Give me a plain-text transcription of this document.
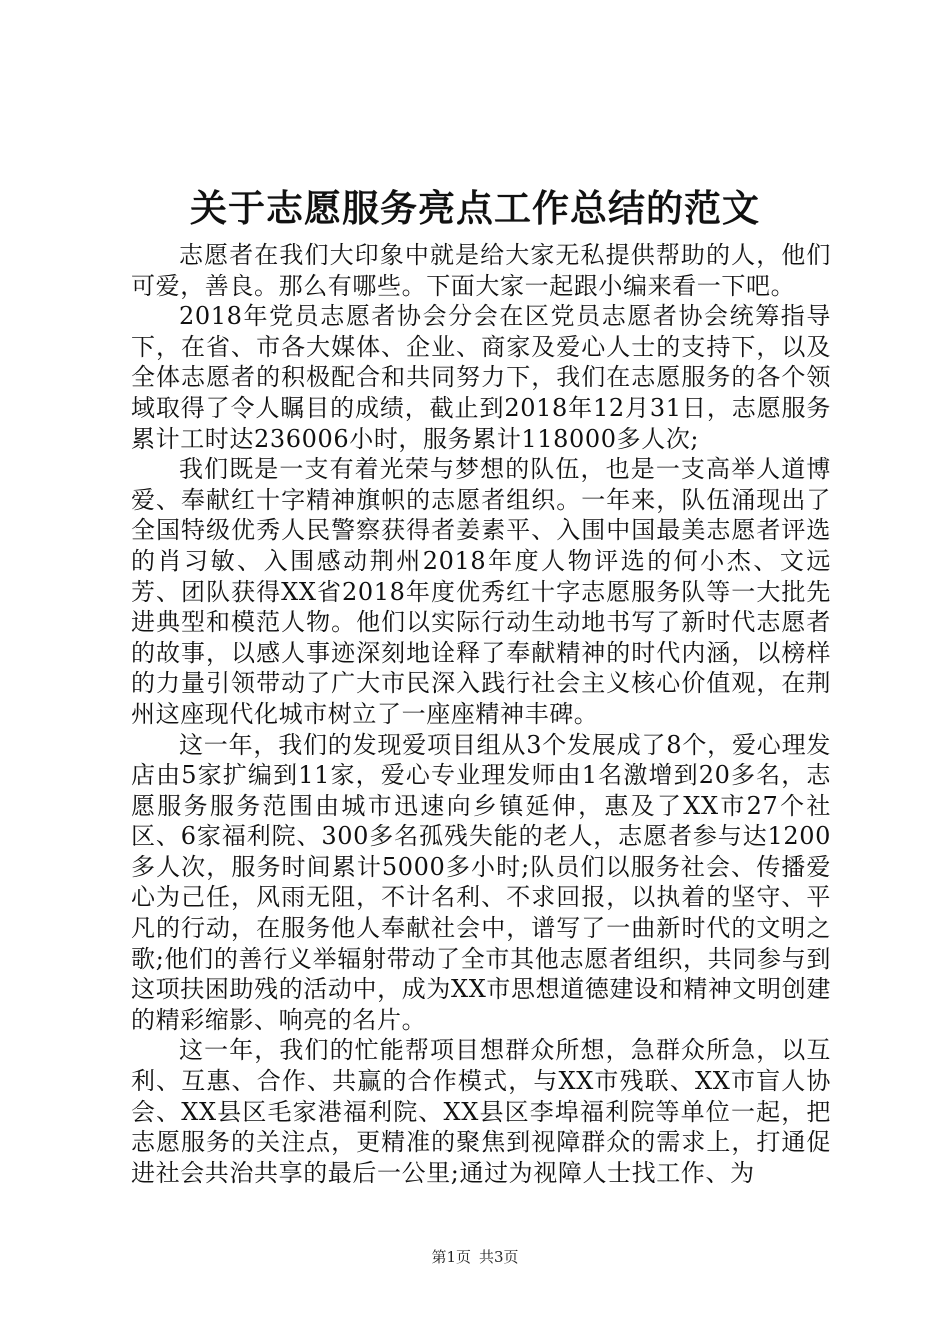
关于志愿服务亮点工作总结的范文

志愿者在我们大印象中就是给大家无私提供帮助的人，他们可爱，善良。那么有哪些。下面大家一起跟小编来看一下吧。

2018年党员志愿者协会分会在区党员志愿者协会统筹指导下，在省、市各大媒体、企业、商家及爱心人士的支持下，以及全体志愿者的积极配合和共同努力下，我们在志愿服务的各个领域取得了令人瞩目的成绩，截止到2018年12月31日，志愿服务累计工时达236006小时，服务累计118000多人次;

我们既是一支有着光荣与梦想的队伍，也是一支高举人道博爱、奉献红十字精神旗帜的志愿者组织。一年来，队伍涌现出了全国特级优秀人民警察获得者姜素平、入围中国最美志愿者评选的肖习敏、入围感动荆州2018年度人物评选的何小杰、文远芳、团队获得XX省2018年度优秀红十字志愿服务队等一大批先进典型和模范人物。他们以实际行动生动地书写了新时代志愿者的故事，以感人事迹深刻地诠释了奉献精神的时代内涵，以榜样的力量引领带动了广大市民深入践行社会主义核心价值观，在荆州这座现代化城市树立了一座座精神丰碑。

这一年，我们的发现爱项目组从3个发展成了8个，爱心理发店由5家扩编到11家，爱心专业理发师由1名激增到20多名，志愿服务服务范围由城市迅速向乡镇延伸，惠及了XX市27个社区、6家福利院、300多名孤残失能的老人，志愿者参与达1200多人次，服务时间累计5000多小时;队员们以服务社会、传播爱心为己任，风雨无阻，不计名利、不求回报，以执着的坚守、平凡的行动，在服务他人奉献社会中，谱写了一曲新时代的文明之歌;他们的善行义举辐射带动了全市其他志愿者组织，共同参与到这项扶困助残的活动中，成为XX市思想道德建设和精神文明创建的精彩缩影、响亮的名片。

这一年，我们的忙能帮项目想群众所想，急群众所急，以互利、互惠、合作、共赢的合作模式，与XX市残联、XX市盲人协会、XX县区毛家港福利院、XX县区李埠福利院等单位一起，把志愿服务的关注点，更精准的聚焦到视障群众的需求上，打通促进社会共治共享的最后一公里;通过为视障人士找工作、为

第1页 共3页
